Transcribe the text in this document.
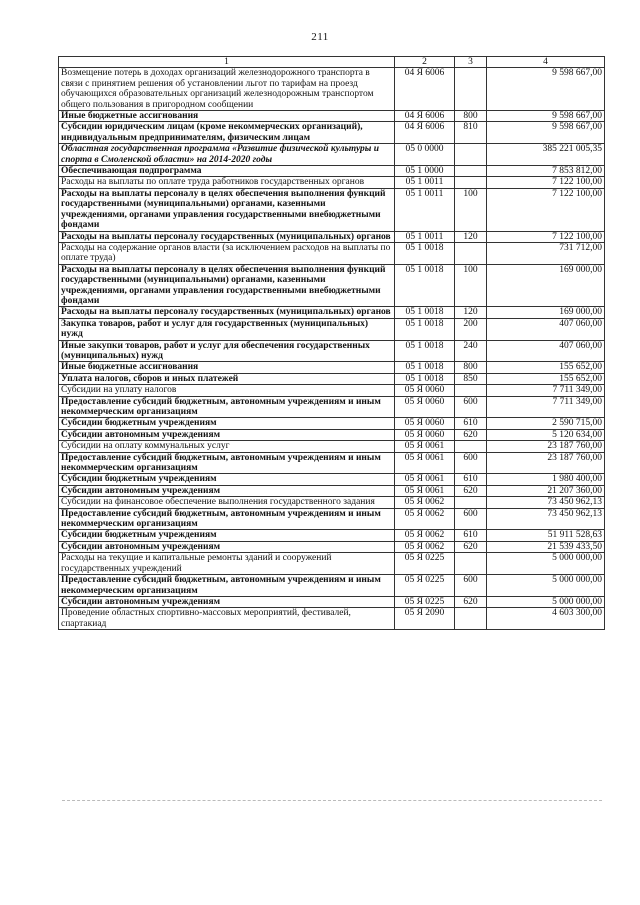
211
1	2	3	4
Возмещение потерь в доходах организаций железнодорожного транспорта в связи с принятием решения об установлении льгот по тарифам на проезд обучающихся образовательных организаций железнодорожным транспортом общего пользования в пригородном сообщении	04 Я 6006		9 598 667,00
Иные бюджетные ассигнования	04 Я 6006	800	9 598 667,00
Субсидии юридическим лицам (кроме некоммерческих организаций), индивидуальным предпринимателям, физическим лицам	04 Я 6006	810	9 598 667,00
Областная государственная программа «Развитие физической культуры и спорта в Смоленской области» на 2014-2020 годы	05 0 0000		385 221 005,35
Обеспечивающая подпрограмма	05 1 0000		7 853 812,00
Расходы на выплаты по оплате труда работников государственных органов	05 1 0011		7 122 100,00
Расходы на выплаты персоналу в целях обеспечения выполнения функций государственными (муниципальными) органами, казенными учреждениями, органами управления государственными внебюджетными фондами	05 1 0011	100	7 122 100,00
Расходы на выплаты персоналу государственных (муниципальных) органов	05 1 0011	120	7 122 100,00
Расходы на содержание органов власти (за исключением расходов на выплаты по оплате труда)	05 1 0018		731 712,00
Расходы на выплаты персоналу в целях обеспечения выполнения функций государственными (муниципальными) органами, казенными учреждениями, органами управления государственными внебюджетными фондами	05 1 0018	100	169 000,00
Расходы на выплаты персоналу государственных (муниципальных) органов	05 1 0018	120	169 000,00
Закупка товаров, работ и услуг для государственных (муниципальных) нужд	05 1 0018	200	407 060,00
Иные закупки товаров, работ и услуг для обеспечения государственных (муниципальных) нужд	05 1 0018	240	407 060,00
Иные бюджетные ассигнования	05 1 0018	800	155 652,00
Уплата налогов, сборов и иных платежей	05 1 0018	850	155 652,00
Субсидии на уплату налогов	05 Я 0060		7 711 349,00
Предоставление субсидий бюджетным, автономным учреждениям и иным некоммерческим организациям	05 Я 0060	600	7 711 349,00
Субсидии бюджетным учреждениям	05 Я 0060	610	2 590 715,00
Субсидии автономным учреждениям	05 Я 0060	620	5 120 634,00
Субсидии на оплату коммунальных услуг	05 Я 0061		23 187 760,00
Предоставление субсидий бюджетным, автономным учреждениям и иным некоммерческим организациям	05 Я 0061	600	23 187 760,00
Субсидии бюджетным учреждениям	05 Я 0061	610	1 980 400,00
Субсидии автономным учреждениям	05 Я 0061	620	21 207 360,00
Субсидии на финансовое обеспечение выполнения государственного задания	05 Я 0062		73 450 962,13
Предоставление субсидий бюджетным, автономным учреждениям и иным некоммерческим организациям	05 Я 0062	600	73 450 962,13
Субсидии бюджетным учреждениям	05 Я 0062	610	51 911 528,63
Субсидии автономным учреждениям	05 Я 0062	620	21 539 433,50
Расходы на текущие и капитальные ремонты зданий и сооружений государственных учреждений	05 Я 0225		5 000 000,00
Предоставление субсидий бюджетным, автономным учреждениям и иным некоммерческим организациям	05 Я 0225	600	5 000 000,00
Субсидии автономным учреждениям	05 Я 0225	620	5 000 000,00
Проведение областных спортивно-массовых мероприятий, фестивалей, спартакиад	05 Я 2090		4 603 300,00
